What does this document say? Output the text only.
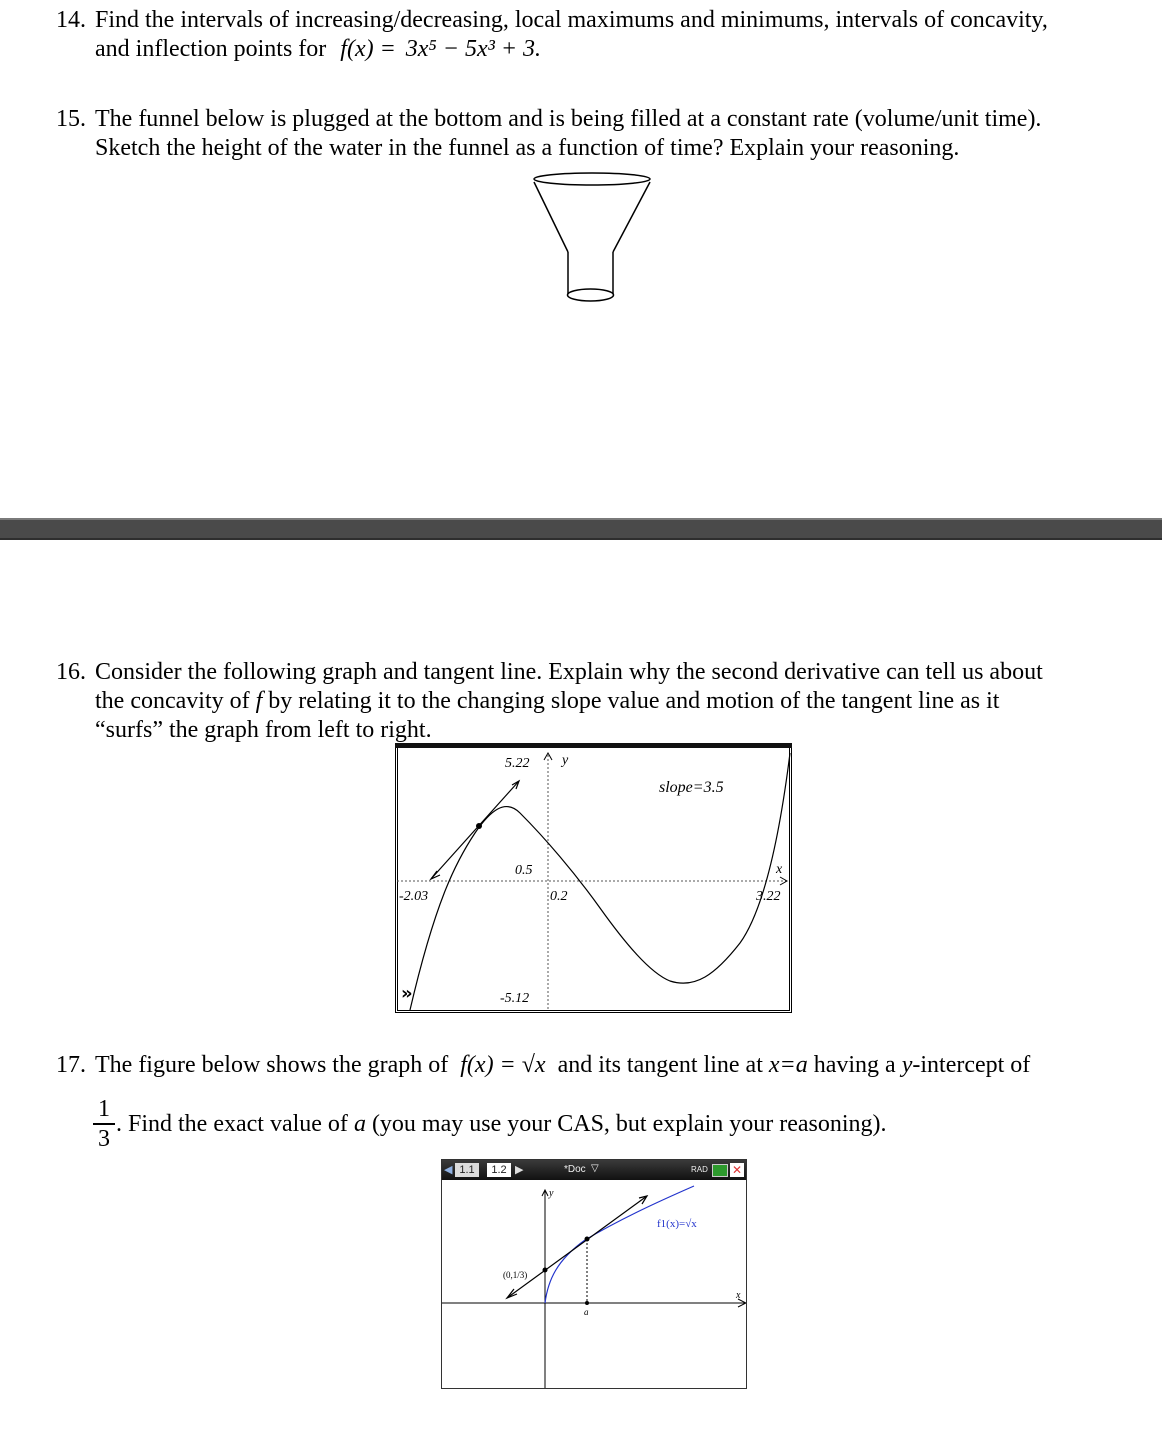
14. Find the intervals of increasing/decreasing, local maximums and minimums, intervals of concavity,
and inflection points for f(x) = 3x⁵ − 5x³ + 3.
15. The funnel below is plugged at the bottom and is being filled at a constant rate (volume/unit time).
Sketch the height of the water in the funnel as a function of time? Explain your reasoning.
16. Consider the following graph and tangent line. Explain why the second derivative can tell us about
the concavity of f by relating it to the changing slope value and motion of the tangent line as it
“surfs” the graph from left to right.
5.22 y
slope=3.5
0.5	x
-2.03	0.2	3.22
-5.12
»
17. The figure below shows the graph of f(x) = √x and its tangent line at x=a having a y-intercept of
1
3
. Find the exact value of a (you may use your CAS, but explain your reasoning).
◀ 1.1	1.2 ▶	*Doc ▽	RAD ✕
y
x
(0,1/3)
a
f1(x)=√x
